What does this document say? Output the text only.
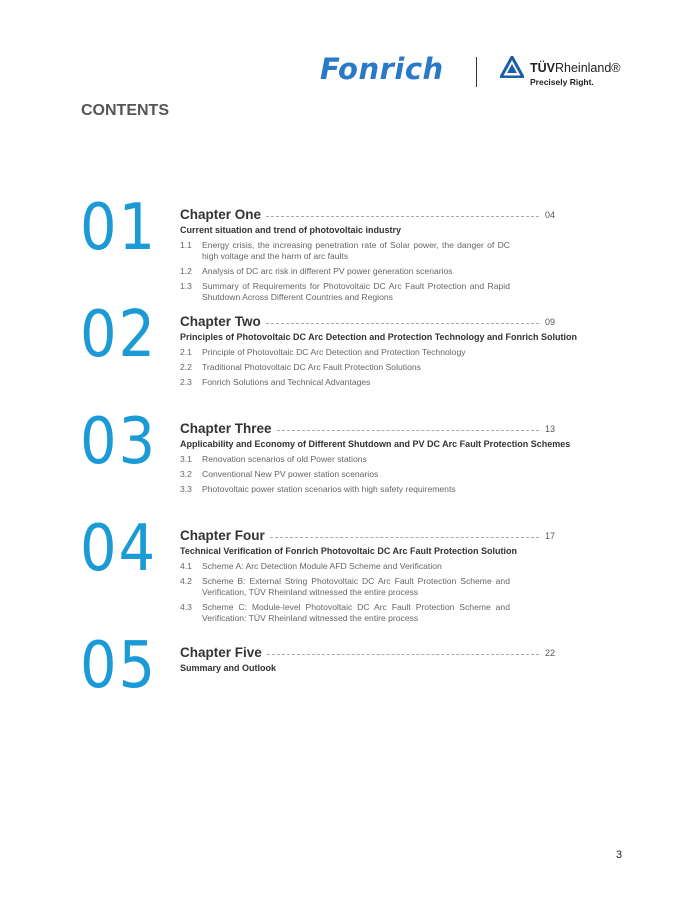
Fonrich	TÜVRheinland®
Precisely Right.
CONTENTS
01 Chapter One	04
Current situation and trend of photovoltaic industry
1.1	Energy crisis, the increasing penetration rate of Solar power, the danger of DC high voltage and the harm of arc faults
1.2	Analysis of DC arc risk in different PV power generation scenarios
1.3	Summary of Requirements for Photovoltaic DC Arc Fault Protection and Rapid Shutdown Across Different Countries and Regions
02 Chapter Two	09
Principles of Photovoltaic DC Arc Detection and Protection Technology and Fonrich Solution
2.1	Principle of Photovoltaic DC Arc Detection and Protection Technology
2.2	Traditional Photovoltaic DC Arc Fault Protection Solutions
2.3	Fonrich Solutions and Technical Advantages
03 Chapter Three	13
Applicability and Economy of Different Shutdown and PV DC Arc Fault Protection Schemes
3.1	Renovation scenarios of old Power stations
3.2	Conventional New PV power station scenarios
3.3	Photovoltaic power station scenarios with high safety requirements
04 Chapter Four	17
Technical Verification of Fonrich Photovoltaic DC Arc Fault Protection Solution
4.1	Scheme A: Arc Detection Module AFD Scheme and Verification
4.2	Scheme B: External String Photovoltaic DC Arc Fault Protection Scheme and Verification, TÜV Rheinland witnessed the entire process
4.3	Scheme C: Module-level Photovoltaic DC Arc Fault Protection Scheme and Verification: TÜV Rheinland witnessed the entire process
05 Chapter Five	22
Summary and Outlook
3
